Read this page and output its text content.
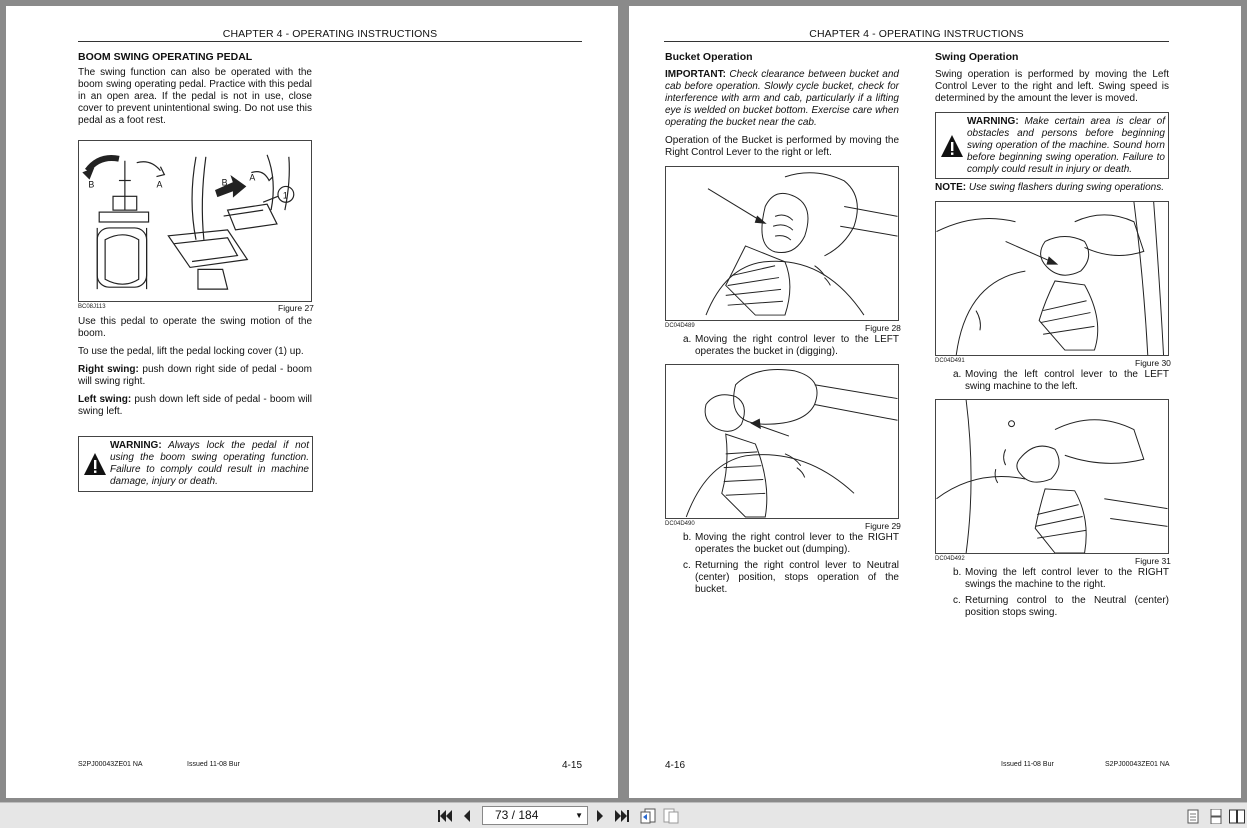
CHAPTER 4 - OPERATING INSTRUCTIONS
BOOM SWING OPERATING PEDAL
The swing function can also be operated with the boom swing operating pedal. Practice with this pedal in an open area. If the pedal is not in use, close cover to prevent unintentional swing. Do not use this pedal as a foot rest.
B	A	B A
1
BC08J113	Figure 27
Use this pedal to operate the swing motion of the boom.
To use the pedal, lift the pedal locking cover (1) up.
Right swing: push down right side of pedal - boom will swing right.
Left swing: push down left side of pedal - boom will swing left.
WARNING: Always lock the pedal if not using the boom swing operating function. Failure to comply could result in machine damage, injury or death.
S2PJ00043ZE01 NA	Issued 11-08 Bur	4-15
CHAPTER 4 - OPERATING INSTRUCTIONS
Bucket Operation
IMPORTANT: Check clearance between bucket and cab before operation. Slowly cycle bucket, check for interference with arm and cab, particularly if a lifting eye is welded on bucket bottom. Exercise care when operating the bucket near the cab.
Operation of the Bucket is performed by moving the Right Control Lever to the right or left.
DC04D489	Figure 28
a. Moving the right control lever to the LEFT operates the bucket in (digging).
DC04D490	Figure 29
b. Moving the right control lever to the RIGHT operates the bucket out (dumping).
c. Returning the right control lever to Neutral (center) position, stops operation of the bucket.
Swing Operation
Swing operation is performed by moving the Left Control Lever to the right and left. Swing speed is determined by the amount the lever is moved.
WARNING: Make certain area is clear of obstacles and persons before beginning swing operation of the machine. Sound horn before beginning swing operation. Failure to comply could result in injury or death.
NOTE: Use swing flashers during swing operations.
DC04D491	Figure 30
a. Moving the left control lever to the LEFT swing machine to the left.
DC04D492	Figure 31
b. Moving the left control lever to the RIGHT swings the machine to the right.
c. Returning control to the Neutral (center) position stops swing.
4-16	Issued 11-08 Bur	S2PJ00043ZE01 NA
73 / 184	▼
